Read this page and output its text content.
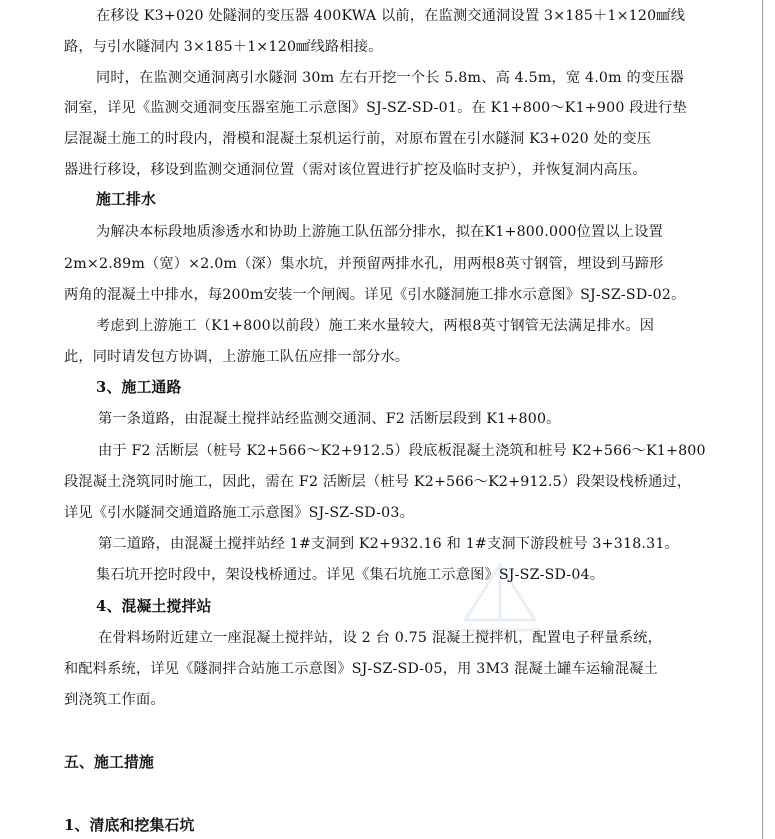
在移设 K3+020 处隧洞的变压器 400KWA 以前，在监测交通洞设置 3×185＋1×120㎟线
路，与引水隧洞内 3×185＋1×120㎟线路相接。
同时，在监测交通洞离引水隧洞 30m 左右开挖一个长 5.8m、高 4.5m，宽 4.0m 的变压器
洞室，详见《监测交通洞变压器室施工示意图》SJ-SZ-SD-01。在 K1+800～K1+900 段进行垫
层混凝土施工的时段内，滑模和混凝土泵机运行前，对原布置在引水隧洞 K3+020 处的变压
器进行移设，移设到监测交通洞位置（需对该位置进行扩挖及临时支护），并恢复洞内高压。
施工排水
为解决本标段地质渗透水和协助上游施工队伍部分排水，拟在K1+800.000位置以上设置
2m×2.89m（宽）×2.0m（深）集水坑，并预留两排水孔，用两根8英寸钢管，埋设到马蹄形
两角的混凝土中排水，每200m安装一个闸阀。详见《引水隧洞施工排水示意图》SJ-SZ-SD-02。
考虑到上游施工（K1+800以前段）施工来水量较大，两根8英寸钢管无法满足排水。因
此，同时请发包方协调，上游施工队伍应排一部分水。
3、施工通路
第一条道路，由混凝土搅拌站经监测交通洞、F2 活断层段到 K1+800。
由于 F2 活断层（桩号 K2+566～K2+912.5）段底板混凝土浇筑和桩号 K2+566～K1+800
段混凝土浇筑同时施工，因此，需在 F2 活断层（桩号 K2+566～K2+912.5）段架设栈桥通过，
详见《引水隧洞交通道路施工示意图》SJ-SZ-SD-03。
第二道路，由混凝土搅拌站经 1#支洞到 K2+932.16 和 1#支洞下游段桩号 3+318.31。
集石坑开挖时段中，架设栈桥通过。详见《集石坑施工示意图》SJ-SZ-SD-04。
4、混凝土搅拌站
在骨料场附近建立一座混凝土搅拌站，设 2 台 0.75 混凝土搅拌机，配置电子秤量系统，
和配料系统，详见《隧洞拌合站施工示意图》SJ-SZ-SD-05，用 3M3 混凝土罐车运输混凝土
到浇筑工作面。
五、施工措施
1、清底和挖集石坑
